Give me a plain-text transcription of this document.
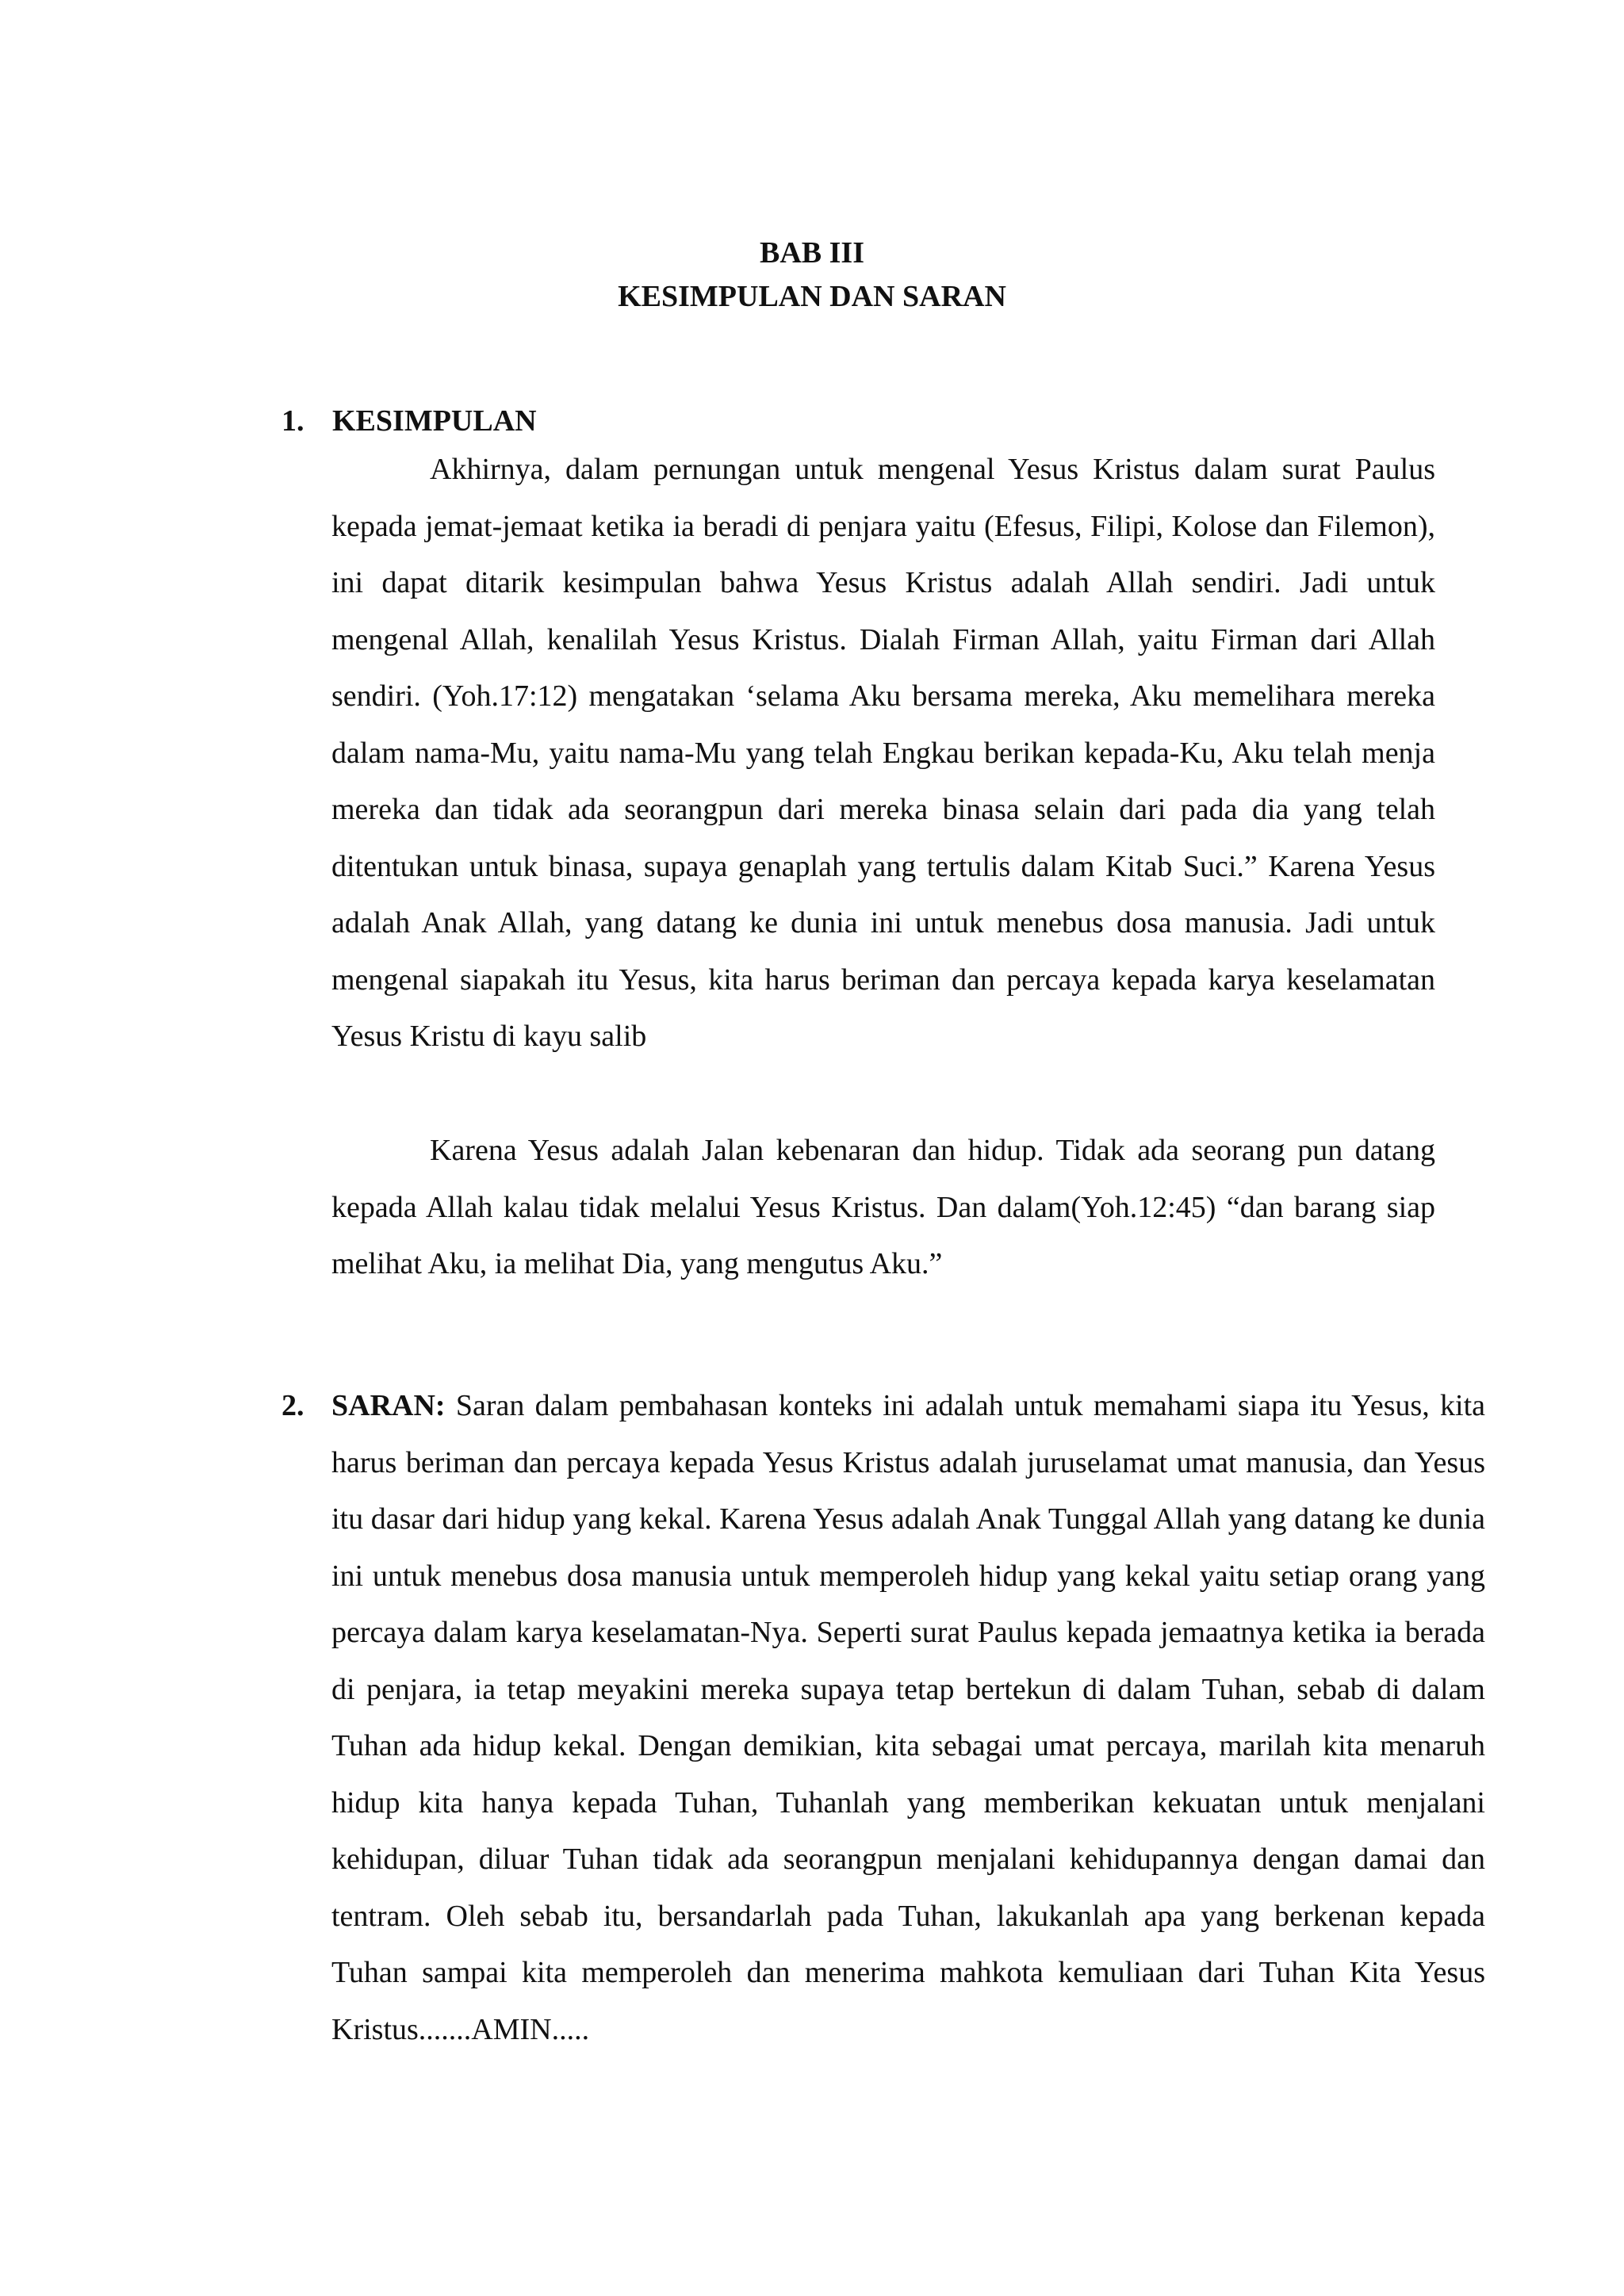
BAB III
KESIMPULAN DAN SARAN
1. KESIMPULAN

Akhirnya, dalam pernungan untuk mengenal Yesus Kristus dalam surat Paulus kepada jemat-jemaat ketika ia beradi di penjara yaitu (Efesus, Filipi, Kolose dan Filemon), ini dapat ditarik kesimpulan bahwa Yesus Kristus adalah Allah sendiri. Jadi untuk mengenal Allah, kenalilah Yesus Kristus. Dialah Firman Allah, yaitu Firman dari Allah sendiri. (Yoh.17:12) mengatakan ‘selama Aku bersama mereka, Aku memelihara mereka dalam nama-Mu, yaitu nama-Mu yang telah Engkau berikan kepada-Ku, Aku telah menja mereka dan tidak ada seorangpun dari mereka binasa selain dari pada dia yang telah ditentukan untuk binasa, supaya genaplah yang tertulis dalam Kitab Suci.” Karena Yesus adalah Anak Allah, yang datang ke dunia ini untuk menebus dosa manusia. Jadi untuk mengenal siapakah itu Yesus, kita harus beriman dan percaya kepada karya keselamatan Yesus Kristu di kayu salib

Karena Yesus adalah Jalan kebenaran dan hidup. Tidak ada seorang pun datang kepada Allah kalau tidak melalui Yesus Kristus. Dan dalam(Yoh.12:45) “dan barang siap melihat Aku, ia melihat Dia, yang mengutus Aku.”

2. SARAN: Saran dalam pembahasan konteks ini adalah untuk memahami siapa itu Yesus, kita harus beriman dan percaya kepada Yesus Kristus adalah juruselamat umat manusia, dan Yesus itu dasar dari hidup yang kekal. Karena Yesus adalah Anak Tunggal Allah yang datang ke dunia ini untuk menebus dosa manusia untuk memperoleh hidup yang kekal yaitu setiap orang yang percaya dalam karya keselamatan-Nya. Seperti surat Paulus kepada jemaatnya ketika ia berada di penjara, ia tetap meyakini mereka supaya tetap bertekun di dalam Tuhan, sebab di dalam Tuhan ada hidup kekal. Dengan demikian, kita sebagai umat percaya, marilah kita menaruh hidup kita hanya kepada Tuhan, Tuhanlah yang memberikan kekuatan untuk menjalani kehidupan, diluar Tuhan tidak ada seorangpun menjalani kehidupannya dengan damai dan tentram. Oleh sebab itu, bersandarlah pada Tuhan, lakukanlah apa yang berkenan kepada Tuhan sampai kita memperoleh dan menerima mahkota kemuliaan dari Tuhan Kita Yesus Kristus.......AMIN.....
